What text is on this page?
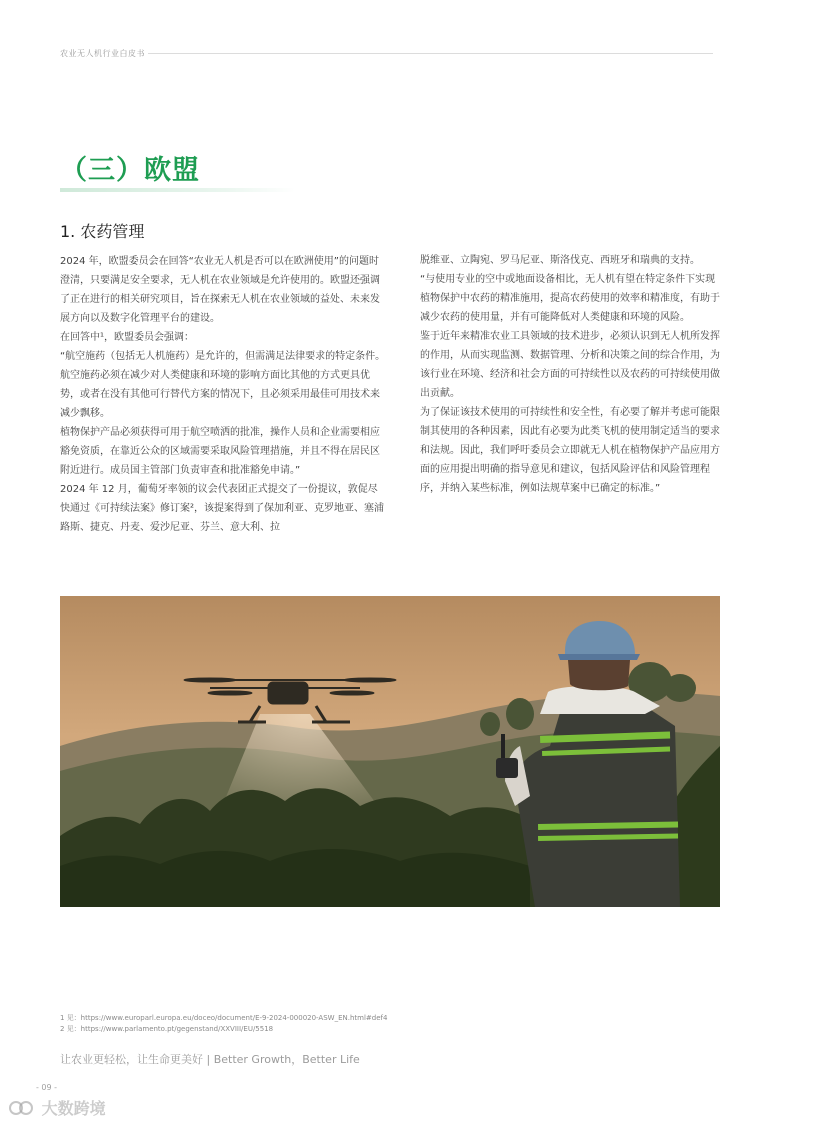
农业无人机行业白皮书
（三）欧盟
1. 农药管理

2024 年，欧盟委员会在回答“农业无人机是否可以在欧洲使用”的问题时澄清，只要满足安全要求，无人机在农业领域是允许使用的。欧盟还强调了正在进行的相关研究项目，旨在探索无人机在农业领域的益处、未来发展方向以及数字化管理平台的建设。

在回答中¹，欧盟委员会强调：

“航空施药（包括无人机施药）是允许的，但需满足法律要求的特定条件。航空施药必须在减少对人类健康和环境的影响方面比其他的方式更具优势，或者在没有其他可行替代方案的情况下，且必须采用最佳可用技术来减少飘移。

植物保护产品必须获得可用于航空喷洒的批准，操作人员和企业需要相应豁免资质，在靠近公众的区域需要采取风险管理措施，并且不得在居民区附近进行。成员国主管部门负责审查和批准豁免申请。”

2024 年 12 月，葡萄牙率领的议会代表团正式提交了一份提议，敦促尽快通过《可持续法案》修订案²，该提案得到了保加利亚、克罗地亚、塞浦路斯、捷克、丹麦、爱沙尼亚、芬兰、意大利、拉

脱维亚、立陶宛、罗马尼亚、斯洛伐克、西班牙和瑞典的支持。

“与使用专业的空中或地面设备相比，无人机有望在特定条件下实现植物保护中农药的精准施用，提高农药使用的效率和精准度，有助于减少农药的使用量，并有可能降低对人类健康和环境的风险。

鉴于近年来精准农业工具领域的技术进步，必须认识到无人机所发挥的作用，从而实现监测、数据管理、分析和决策之间的综合作用，为该行业在环境、经济和社会方面的可持续性以及农药的可持续使用做出贡献。

为了保证该技术使用的可持续性和安全性，有必要了解并考虑可能限制其使用的各种因素，因此有必要为此类飞机的使用制定适当的要求和法规。因此，我们呼吁委员会立即就无人机在植物保护产品应用方面的应用提出明确的指导意见和建议，包括风险评估和风险管理程序，并纳入某些标准，例如法规草案中已确定的标准。”

1 见：https://www.europarl.europa.eu/doceo/document/E-9-2024-000020-ASW_EN.html#def4
2 见：https://www.parlamento.pt/gegenstand/XXVIII/EU/5518
让农业更轻松，让生命更美好 | Better Growth，Better Life
- 09 -
大数跨境
